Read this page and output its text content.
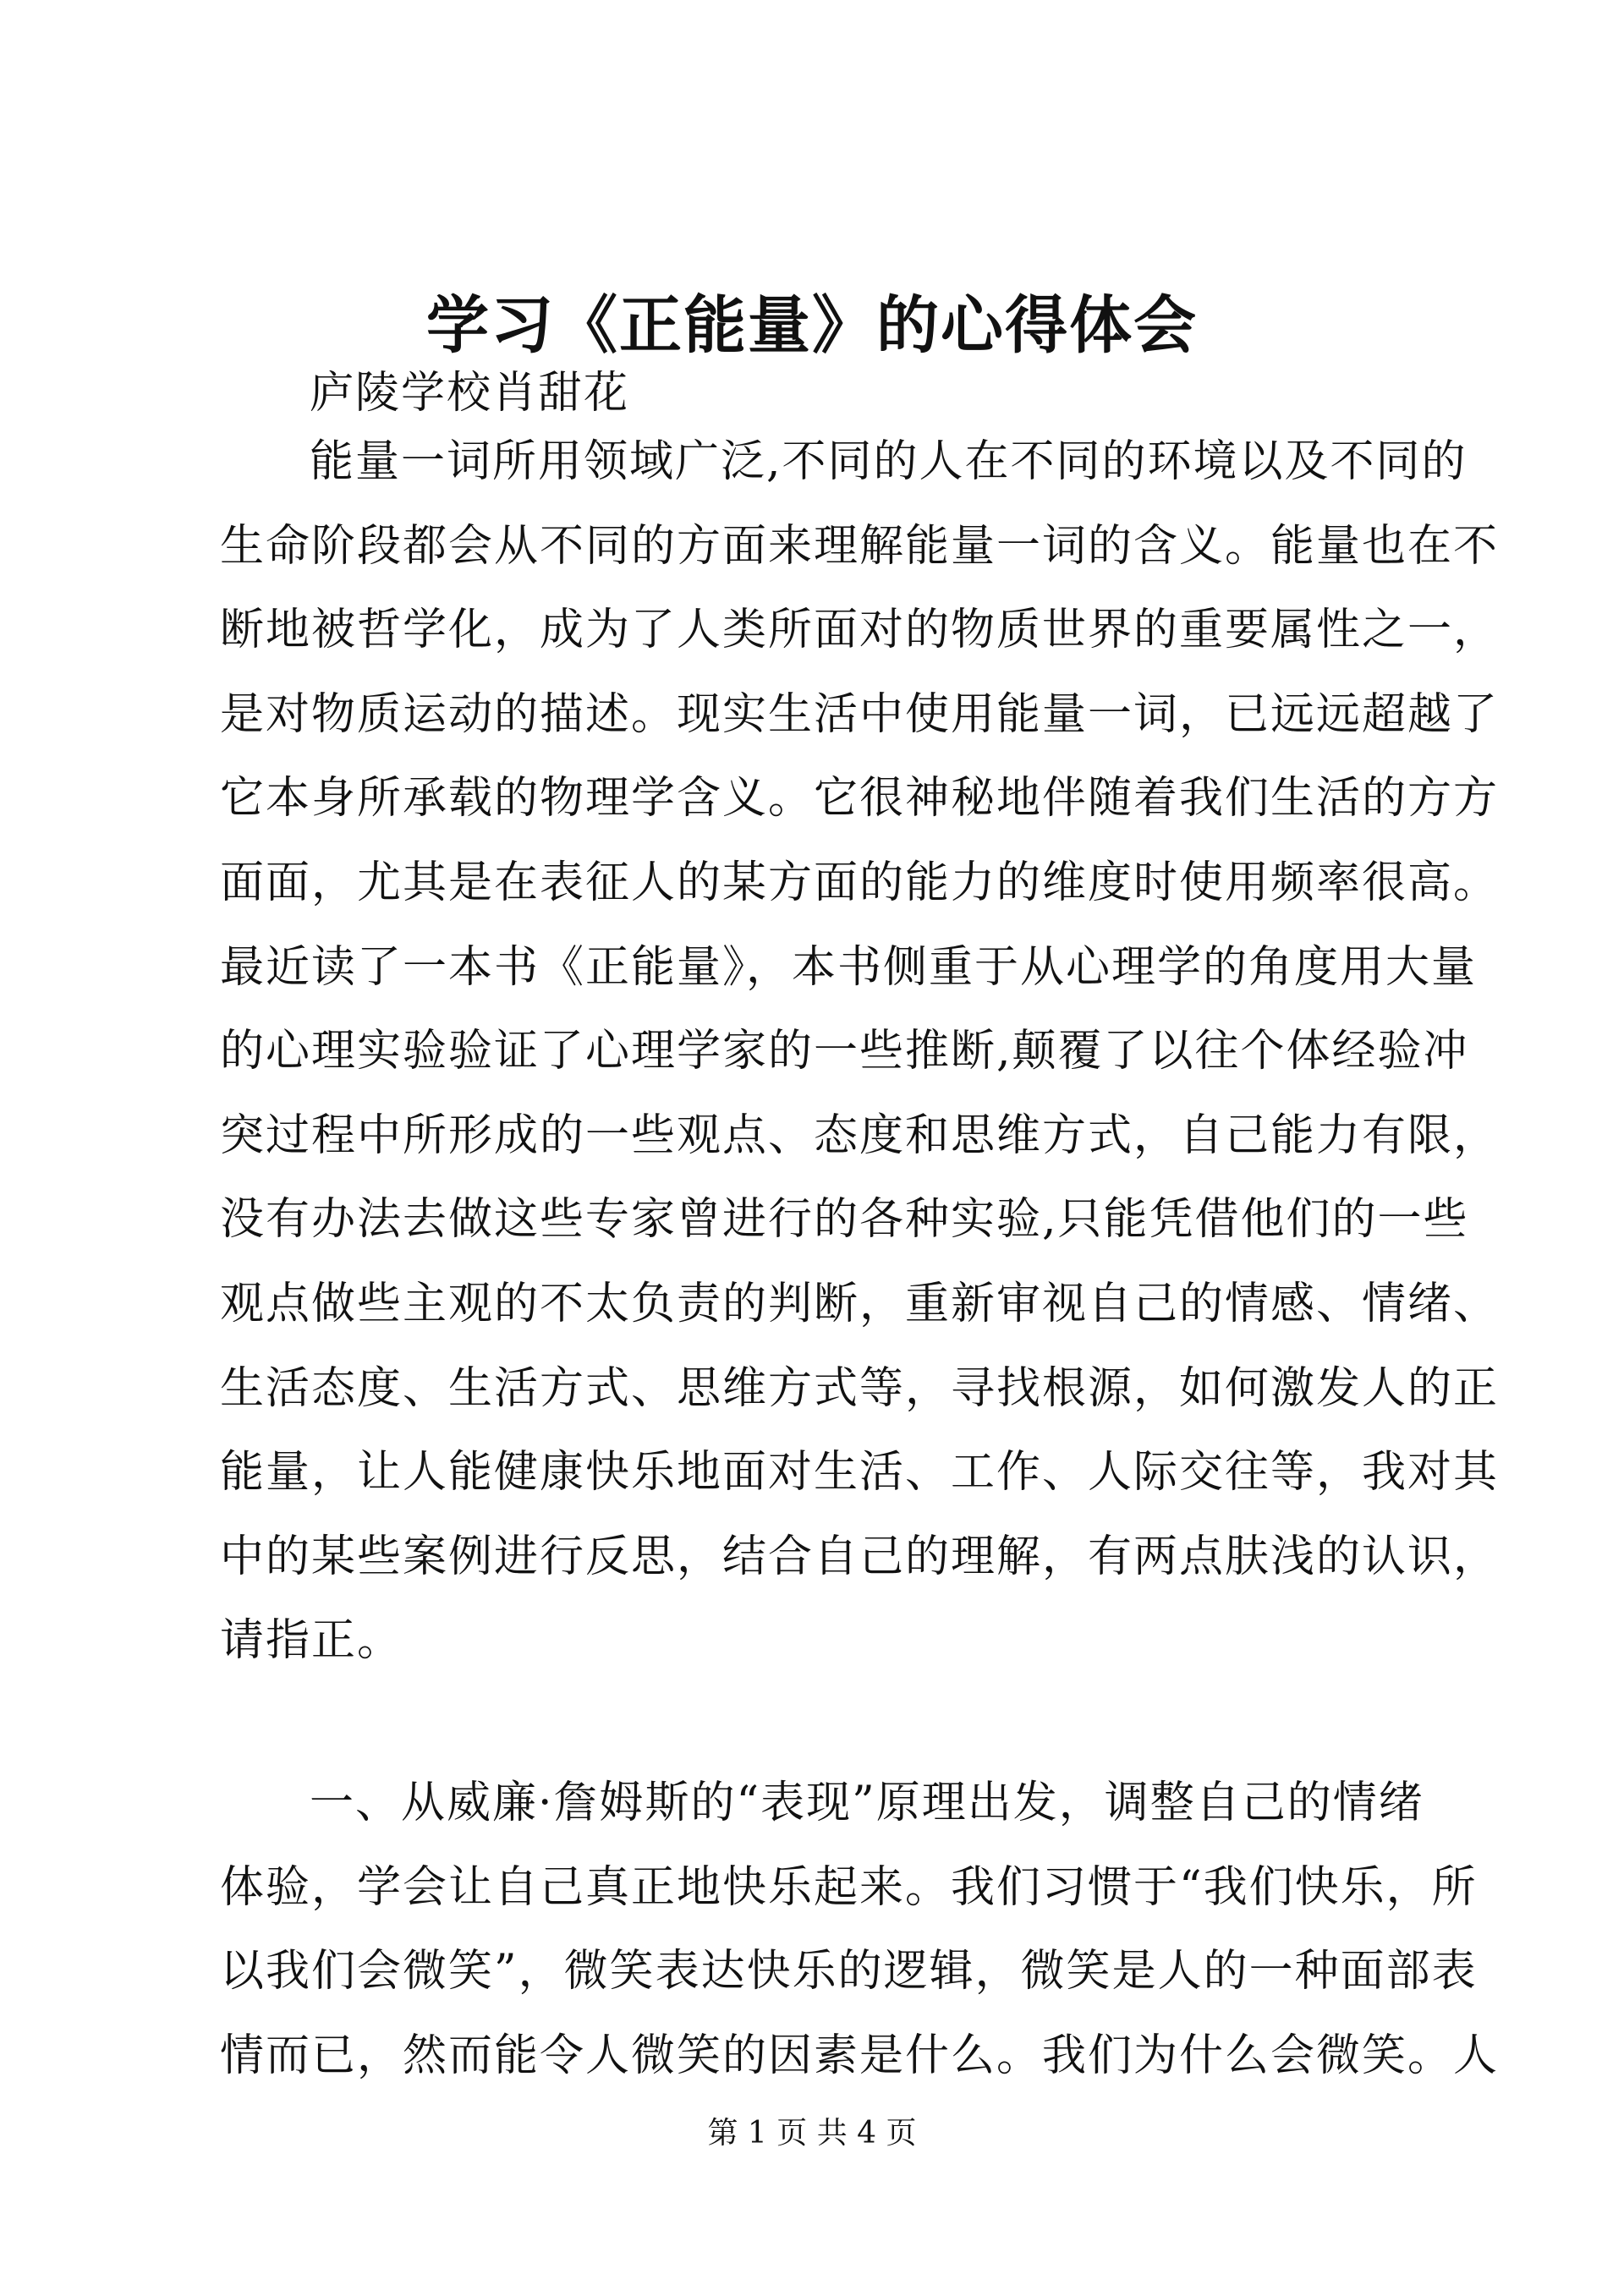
学习《正能量》的心得体会

庐陵学校肖甜花

能量一词所用领域广泛,不同的人在不同的环境以及不同的
生命阶段都会从不同的方面来理解能量一词的含义。能量也在不
断地被哲学化，成为了人类所面对的物质世界的重要属性之一，
是对物质运动的描述。现实生活中使用能量一词，已远远超越了
它本身所承载的物理学含义。它很神秘地伴随着我们生活的方方
面面，尤其是在表征人的某方面的能力的维度时使用频率很高。
最近读了一本书《正能量》，本书侧重于从心理学的角度用大量
的心理实验验证了心理学家的一些推断,颠覆了以往个体经验冲
突过程中所形成的一些观点、态度和思维方式，自己能力有限，
没有办法去做这些专家曾进行的各种实验,只能凭借他们的一些
观点做些主观的不太负责的判断，重新审视自己的情感、情绪、
生活态度、生活方式、思维方式等，寻找根源，如何激发人的正
能量，让人能健康快乐地面对生活、工作、人际交往等，我对其
中的某些案例进行反思，结合自己的理解，有两点肤浅的认识，
请指正。
一、从威廉·詹姆斯的“表现”原理出发，调整自己的情绪
体验，学会让自己真正地快乐起来。我们习惯于“我们快乐，所
以我们会微笑”，微笑表达快乐的逻辑，微笑是人的一种面部表
情而已，然而能令人微笑的因素是什么。我们为什么会微笑。人
第 1 页 共 4 页
